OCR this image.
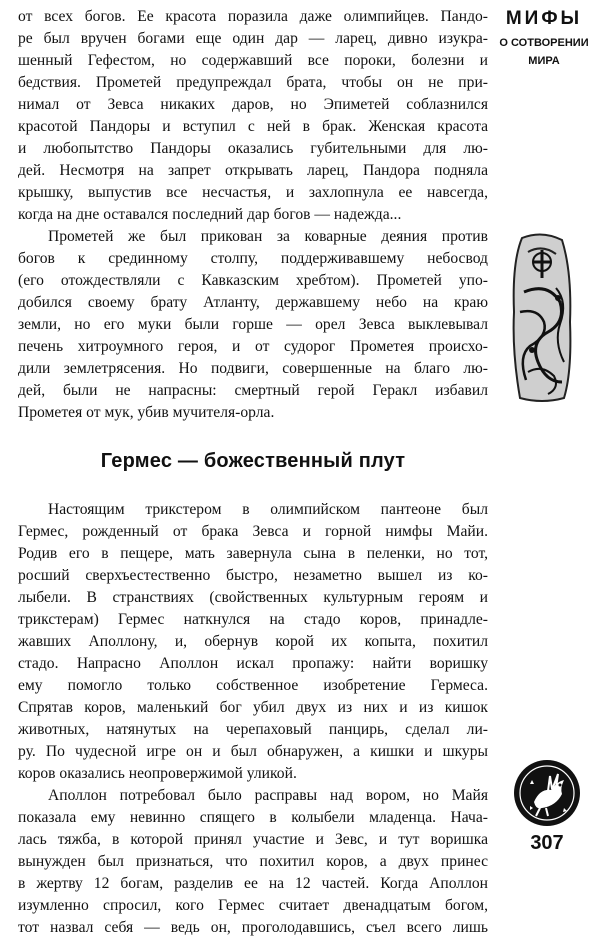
от всех богов. Ее красота поразила даже олимпийцев. Пандо-
ре был вручен богами еще один дар — ларец, дивно изукра-
шенный Гефестом, но содержавший все пороки, болезни и
бедствия. Прометей предупреждал брата, чтобы он не при-
нимал от Зевса никаких даров, но Эпиметей соблазнился
красотой Пандоры и вступил с ней в брак. Женская красота
и любопытство Пандоры оказались губительными для лю-
дей. Несмотря на запрет открывать ларец, Пандора подняла
крышку, выпустив все несчастья, и захлопнула ее навсегда,
когда на дне оставался последний дар богов — надежда...

Прометей же был прикован за коварные деяния против
богов к срединному столпу, поддерживавшему небосвод
(его отождествляли с Кавказским хребтом). Прометей упо-
добился своему брату Атланту, державшему небо на краю
земли, но его муки были горше — орел Зевса выклевывал
печень хитроумного героя, и от судорог Прометея происхо-
дили землетрясения. Но подвиги, совершенные на благо лю-
дей, были не напрасны: смертный герой Геракл избавил
Прометея от мук, убив мучителя-орла.

Гермес — божественный плут

Настоящим трикстером в олимпийском пантеоне был
Гермес, рожденный от брака Зевса и горной нимфы Майи.
Родив его в пещере, мать завернула сына в пеленки, но тот,
росший сверхъестественно быстро, незаметно вышел из ко-
лыбели. В странствиях (свойственных культурным героям и
трикстерам) Гермес наткнулся на стадо коров, принадле-
жавших Аполлону, и, обернув корой их копыта, похитил
стадо. Напрасно Аполлон искал пропажу: найти воришку
ему помогло только собственное изобретение Гермеса.
Спрятав коров, маленький бог убил двух из них и из кишок
животных, натянутых на черепаховый панцирь, сделал ли-
ру. По чудесной игре он и был обнаружен, а кишки и шкуры
коров оказались неопровержимой уликой.

Аполлон потребовал было расправы над вором, но Майя
показала ему невинно спящего в колыбели младенца. Нача-
лась тяжба, в которой принял участие и Зевс, и тут воришка
вынужден был признаться, что похитил коров, а двух принес
в жертву 12 богам, разделив ее на 12 частей. Когда Аполлон
изумленно спросил, кого Гермес считает двенадцатым богом,
тот назвал себя — ведь он, проголодавшись, съел всего лишь

МИФЫ
О СОТВОРЕНИИ
МИРА
307
